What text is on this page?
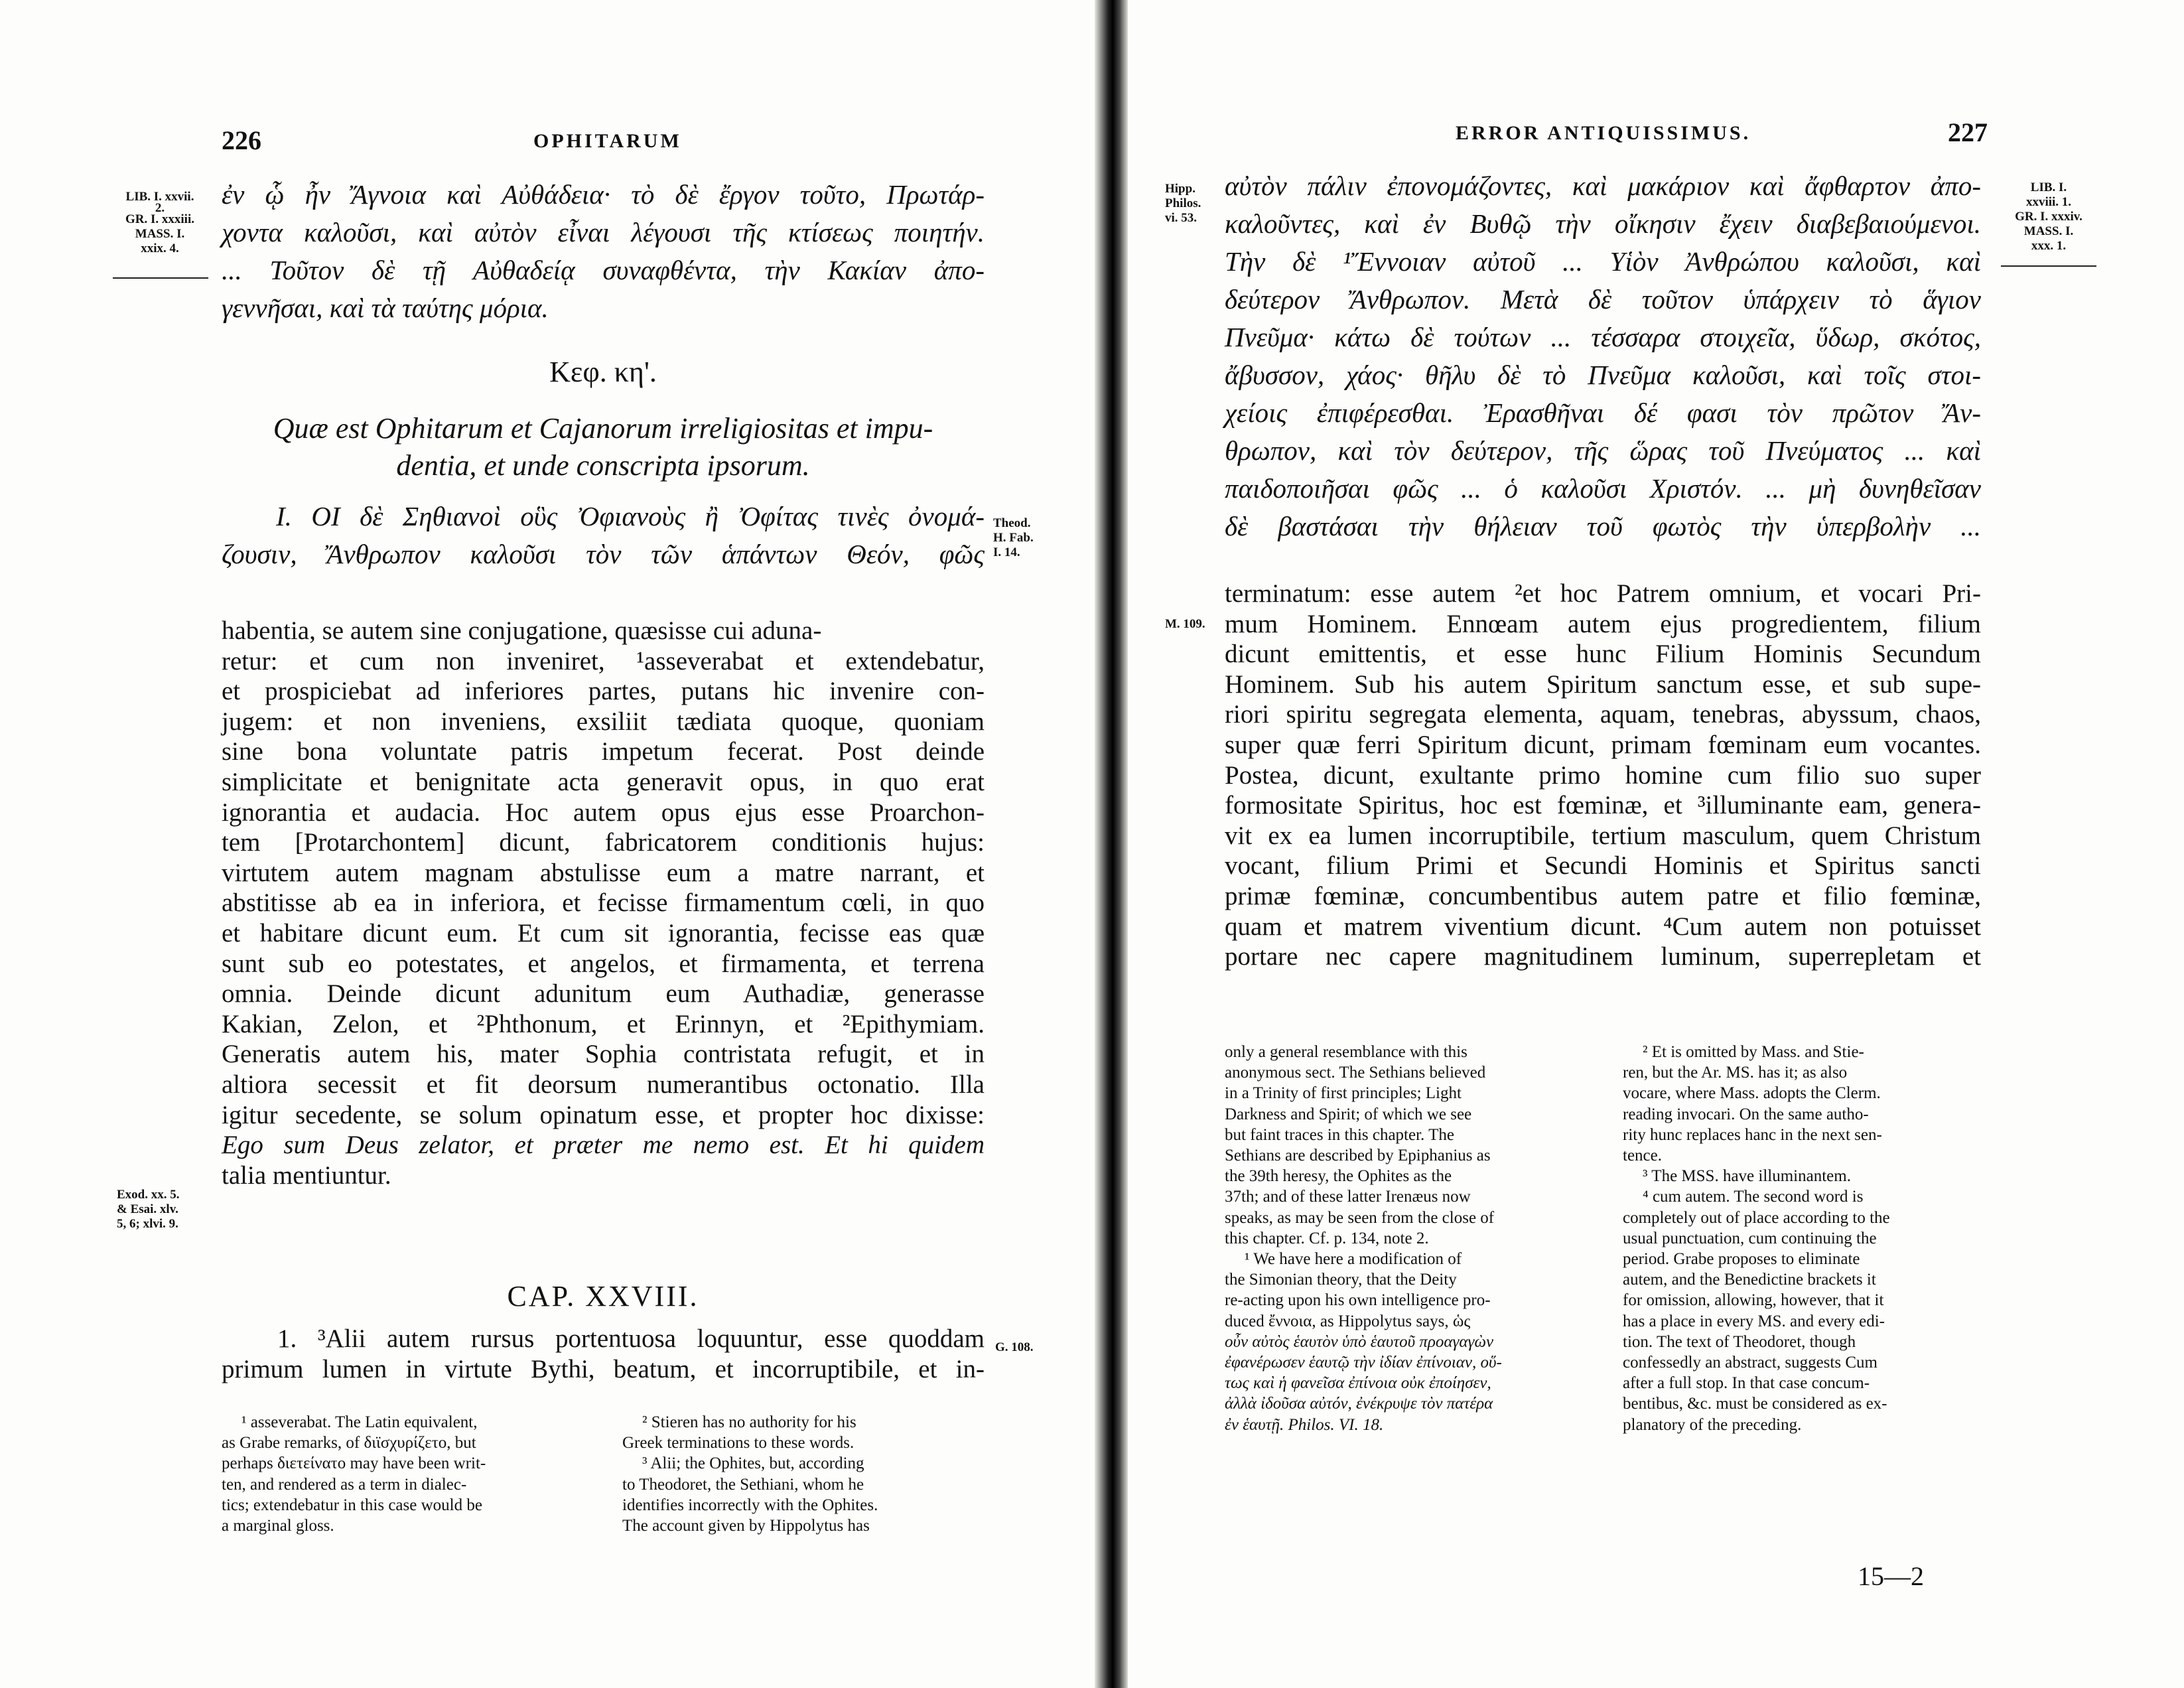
226	OPHITARUM
LIB. I. xxvii.
2.
GR. I. xxxiii.
MASS. I.
xxix. 4.
ἐν ᾧ ἦν Ἄγνοια καὶ Αὐθάδεια· τὸ δὲ ἔργον τοῦτο, Πρωτάρ-
χοντα καλοῦσι, καὶ αὐτὸν εἶναι λέγουσι τῆς κτίσεως ποιητήν.
... Τοῦτον δὲ τῇ Αὐθαδείᾳ συναφθέντα, τὴν Κακίαν ἀπο-
γεννῆσαι, καὶ τὰ ταύτης μόρια.
Κεφ. κη'.
Quæ est Ophitarum et Cajanorum irreligiositas et impu-
dentia, et unde conscripta ipsorum.
I. ΟΙ δὲ Σηθιανοὶ οὓς Ὀφιανοὺς ἢ Ὀφίτας τινὲς ὀνομά-
ζουσιν, Ἄνθρωπον καλοῦσι τὸν τῶν ἁπάντων Θεόν, φῶς
Theod.
H. Fab.
I. 14.
habentia, se autem sine conjugatione, quæsisse cui aduna-
retur: et cum non inveniret, ¹asseverabat et extendebatur,
et prospiciebat ad inferiores partes, putans hic invenire con-
jugem: et non inveniens, exsiliit tædiata quoque, quoniam
sine bona voluntate patris impetum fecerat. Post deinde
simplicitate et benignitate acta generavit opus, in quo erat
ignorantia et audacia. Hoc autem opus ejus esse Proarchon-
tem [Protarchontem] dicunt, fabricatorem conditionis hujus:
virtutem autem magnam abstulisse eum a matre narrant, et
abstitisse ab ea in inferiora, et fecisse firmamentum cœli, in quo
et habitare dicunt eum. Et cum sit ignorantia, fecisse eas quæ
sunt sub eo potestates, et angelos, et firmamenta, et terrena
omnia. Deinde dicunt adunitum eum Authadiæ, generasse
Kakian, Zelon, et ²Phthonum, et Erinnyn, et ²Epithymiam.
Generatis autem his, mater Sophia contristata refugit, et in
altiora secessit et fit deorsum numerantibus octonatio. Illa
igitur secedente, se solum opinatum esse, et propter hoc dixisse:
Ego sum Deus zelator, et præter me nemo est. Et hi quidem
talia mentiuntur.
Exod. xx. 5.
& Esai. xlv.
5, 6; xlvi. 9.
CAP. XXVIII.
1. ³Alii autem rursus portentuosa loquuntur, esse quoddam
primum lumen in virtute Bythi, beatum, et incorruptibile, et in-
G. 108.
¹ asseverabat. The Latin equivalent,
as Grabe remarks, of διϊσχυρίζετο, but
perhaps διετείνατο may have been writ-
ten, and rendered as a term in dialec-
tics; extendebatur in this case would be
a marginal gloss.
² Stieren has no authority for his
Greek terminations to these words.
³ Alii; the Ophites, but, according
to Theodoret, the Sethiani, whom he
identifies incorrectly with the Ophites.
The account given by Hippolytus has
ERROR ANTIQUISSIMUS.	227
Hipp.
Philos.
vi. 53.
LIB. I.
xxviii. 1.
GR. I. xxxiv.
MASS. I.
xxx. 1.
αὐτὸν πάλιν ἐπονομάζοντες, καὶ μακάριον καὶ ἄφθαρτον ἀπο-
καλοῦντες, καὶ ἐν Βυθῷ τὴν οἴκησιν ἔχειν διαβεβαιούμενοι.
Τὴν δὲ ¹Ἔννοιαν αὐτοῦ ... Υἱὸν Ἀνθρώπου καλοῦσι, καὶ
δεύτερον Ἄνθρωπον. Μετὰ δὲ τοῦτον ὑπάρχειν τὸ ἅγιον
Πνεῦμα· κάτω δὲ τούτων ... τέσσαρα στοιχεῖα, ὕδωρ, σκότος,
ἄβυσσον, χάος· θῆλυ δὲ τὸ Πνεῦμα καλοῦσι, καὶ τοῖς στοι-
χείοις ἐπιφέρεσθαι. Ἐρασθῆναι δέ φασι τὸν πρῶτον Ἄν-
θρωπον, καὶ τὸν δεύτερον, τῆς ὥρας τοῦ Πνεύματος ... καὶ
παιδοποιῆσαι φῶς ... ὁ καλοῦσι Χριστόν. ... μὴ δυνηθεῖσαν
δὲ βαστάσαι τὴν θήλειαν τοῦ φωτὸς τὴν ὑπερβολὴν ...
M. 109.
terminatum: esse autem ²et hoc Patrem omnium, et vocari Pri-
mum Hominem. Ennœam autem ejus progredientem, filium
dicunt emittentis, et esse hunc Filium Hominis Secundum
Hominem. Sub his autem Spiritum sanctum esse, et sub supe-
riori spiritu segregata elementa, aquam, tenebras, abyssum, chaos,
super quæ ferri Spiritum dicunt, primam fœminam eum vocantes.
Postea, dicunt, exultante primo homine cum filio suo super
formositate Spiritus, hoc est fœminæ, et ³illuminante eam, genera-
vit ex ea lumen incorruptibile, tertium masculum, quem Christum
vocant, filium Primi et Secundi Hominis et Spiritus sancti
primæ fœminæ, concumbentibus autem patre et filio fœminæ,
quam et matrem viventium dicunt. ⁴Cum autem non potuisset
portare nec capere magnitudinem luminum, superrepletam et
only a general resemblance with this
anonymous sect. The Sethians believed
in a Trinity of first principles; Light
Darkness and Spirit; of which we see
but faint traces in this chapter. The
Sethians are described by Epiphanius as
the 39th heresy, the Ophites as the
37th; and of these latter Irenæus now
speaks, as may be seen from the close of
this chapter. Cf. p. 134, note 2.
¹ We have here a modification of
the Simonian theory, that the Deity
re-acting upon his own intelligence pro-
duced ἔννοια, as Hippolytus says, ὡς
οὖν αὐτὸς ἑαυτὸν ὑπὸ ἑαυτοῦ προαγαγὼν
ἐφανέρωσεν ἑαυτῷ τὴν ἰδίαν ἐπίνοιαν, οὕ-
τως καὶ ἡ φανεῖσα ἐπίνοια οὐκ ἐποίησεν,
ἀλλὰ ἰδοῦσα αὐτόν, ἐνέκρυψε τὸν πατέρα
ἐν ἑαυτῇ. Philos. VI. 18.
² Et is omitted by Mass. and Stie-
ren, but the Ar. MS. has it; as also
vocare, where Mass. adopts the Clerm.
reading invocari. On the same autho-
rity hunc replaces hanc in the next sen-
tence.
³ The MSS. have illuminantem.
⁴ cum autem. The second word is
completely out of place according to the
usual punctuation, cum continuing the
period. Grabe proposes to eliminate
autem, and the Benedictine brackets it
for omission, allowing, however, that it
has a place in every MS. and every edi-
tion. The text of Theodoret, though
confessedly an abstract, suggests Cum
after a full stop. In that case concum-
bentibus, &c. must be considered as ex-
planatory of the preceding.
15—2
